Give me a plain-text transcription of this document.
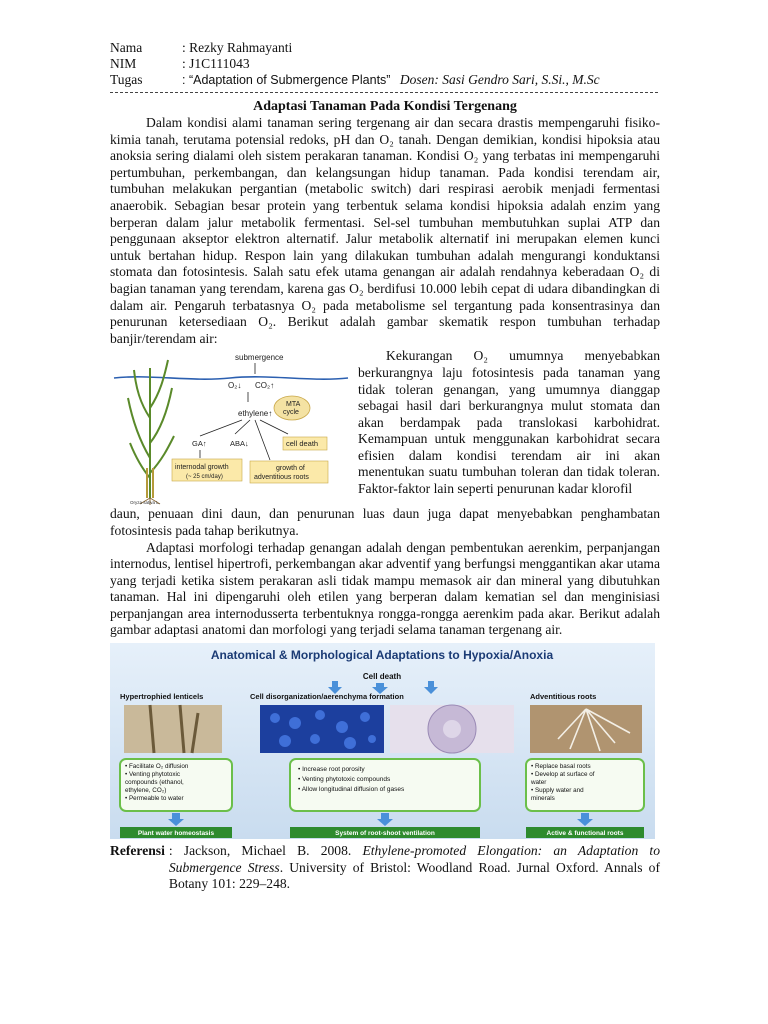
Nama	: Rezky Rahmayanti
NIM	: J1C111043
Tugas	: “Adaptation of Submergence Plants” Dosen: Sasi Gendro Sari, S.Si., M.Sc
Adaptasi Tanaman Pada Kondisi Tergenang

Dalam kondisi alami tanaman sering tergenang air dan secara drastis mempengaruhi fisiko-kimia tanah, terutama potensial redoks, pH dan O₂ tanah. Dengan demikian, kondisi hipoksia atau anoksia sering dialami oleh sistem perakaran tanaman. Kondisi O₂ yang terbatas ini mempengaruhi pertumbuhan, perkembangan, dan kelangsungan hidup tanaman. Pada kondisi terendam air, tumbuhan melakukan pergantian (metabolic switch) dari respirasi aerobik menjadi fermentasi anaerobik. Sebagian besar protein yang terbentuk selama kondisi hipoksia adalah enzim yang berperan dalam jalur metabolik fermentasi. Sel-sel tumbuhan membutuhkan suplai ATP dan penggunaan akseptor elektron alternatif. Jalur metabolik alternatif ini merupakan elemen kunci untuk bertahan hidup. Respon lain yang dilakukan tumbuhan adalah mengurangi konduktansi stomata dan fotosintesis. Salah satu efek utama genangan air adalah rendahnya keberadaan O₂ di bagian tanaman yang terendam, karena gas O₂ berdifusi 10.000 lebih cepat di udara dibandingkan di dalam air. Pengaruh terbatasnya O₂ pada metabolisme sel tergantung pada konsentrasinya dan penurunan ketersediaan O₂. Berikut adalah gambar skematik respon tumbuhan terhadap banjir/terendam air:

Oryza sativa L.
submergence
O₂↓ CO₂↑
MTA
cycle
ethylene↑
GA↑	ABA↓	cell death
internodal growth
(~ 25 cm/day)
growth of
adventitious roots

Kekurangan O₂ umumnya menyebabkan berkurangnya laju fotosintesis pada tanaman yang tidak toleran genangan, yang umumnya dianggap sebagai hasil dari berkurangnya mulut stomata dan akan berdampak pada translokasi karbohidrat. Kemampuan untuk menggunakan karbohidrat secara efisien dalam kondisi terendam air ini akan menentukan suatu tumbuhan toleran dan tidak toleran. Faktor-faktor lain seperti penurunan kadar klorofil

daun, penuaan dini daun, dan penurunan luas daun juga dapat menyebabkan penghambatan fotosintesis pada tahap berikutnya.

Adaptasi morfologi terhadap genangan adalah dengan pembentukan aerenkim, perpanjangan internodus, lentisel hipertrofi, perkembangan akar adventif yang berfungsi menggantikan akar utama yang terjadi ketika sistem perakaran asli tidak mampu memasok air dan mineral yang dibutuhkan tanaman. Hal ini dipengaruhi oleh etilen yang berperan dalam kematian sel dan menginisiasi perpanjangan area internodusserta terbentuknya rongga-rongga aerenkim pada akar. Berikut adalah gambar adaptasi anatomi dan morfologi yang terjadi selama tanaman tergenang air.

Anatomical & Morphological Adaptations to Hypoxia/Anoxia
Cell death
Hypertrophied lenticels	Cell disorganization/aerenchyma formation	Adventitious roots
• Facilitate O₂ diffusion • Venting phytotoxic compounds (ethanol, ethylene, CO₂) • Permeable to water
• Increase root porosity • Venting phytotoxic compounds • Allow longitudinal diffusion of gases
• Replace basal roots • Develop at surface of water • Supply water and minerals
Plant water homeostasis	System of root-shoot ventilation	Active & functional roots
Referensi : Jackson, Michael B. 2008. Ethylene-promoted Elongation: an Adaptation to Submergence Stress. University of Bristol: Woodland Road. Jurnal Oxford. Annals of Botany 101: 229–248.
